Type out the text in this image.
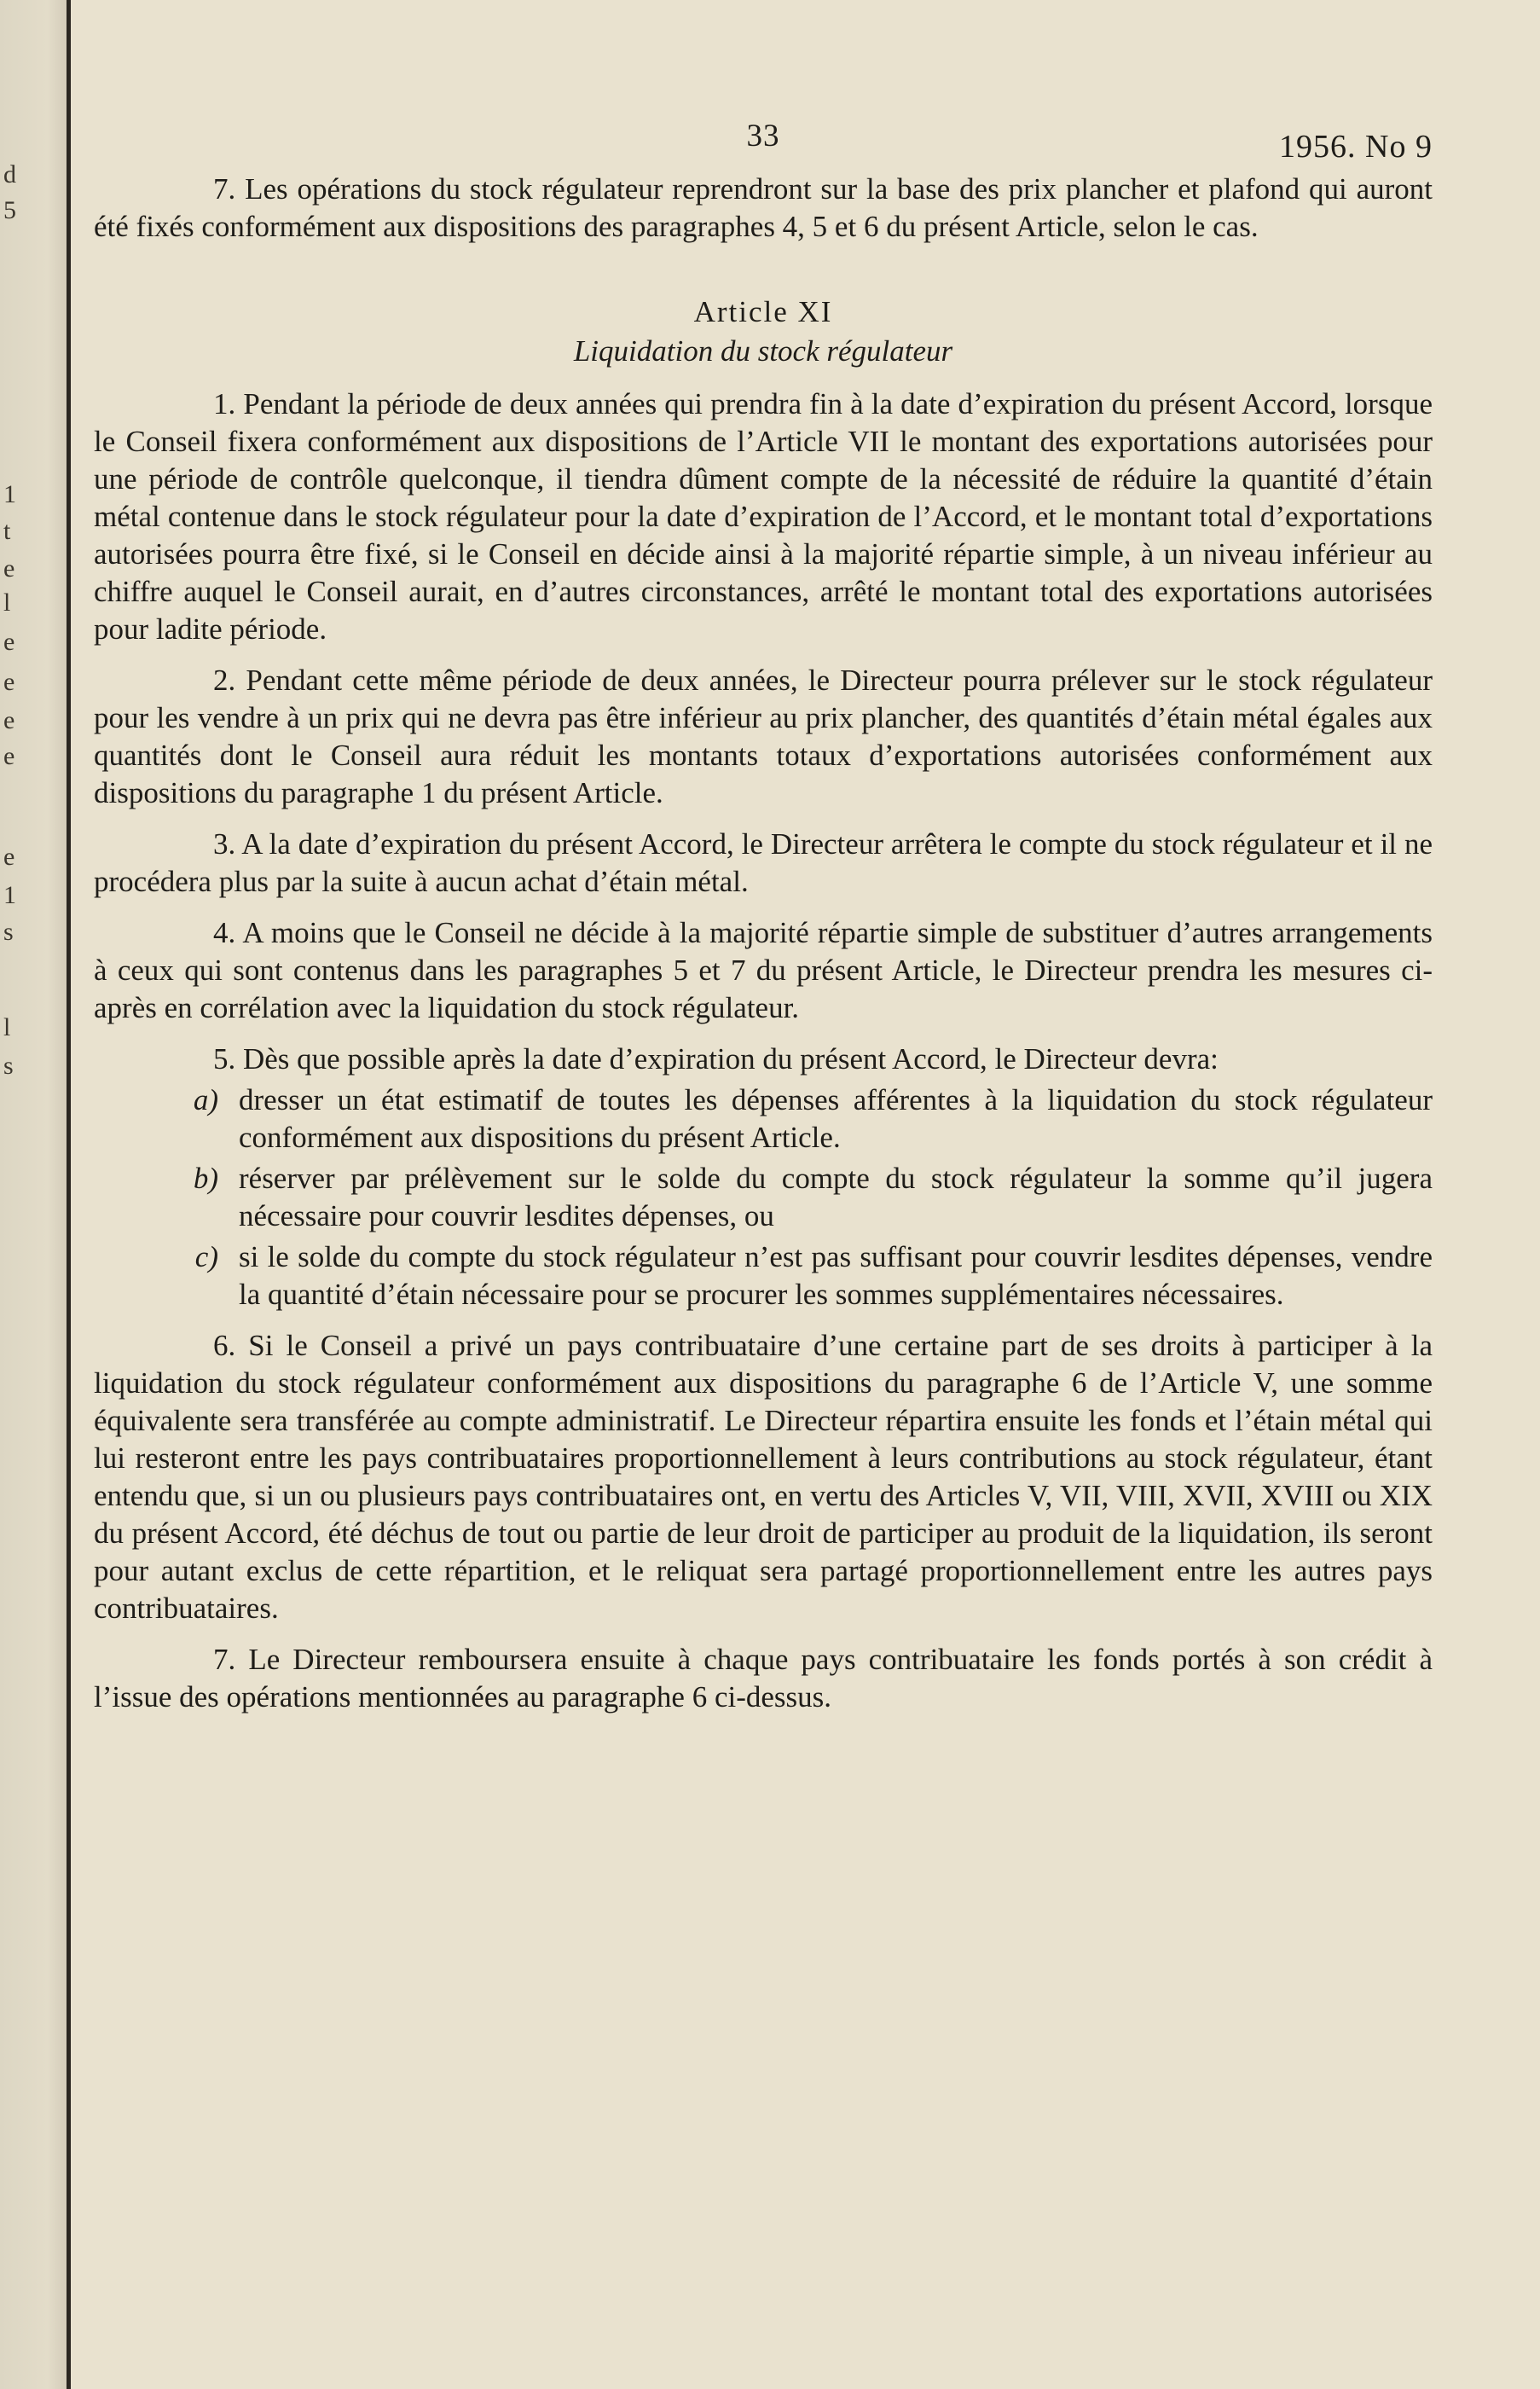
d
5
1
t
e
l
e
e
e
e
e
1
s
l
s
33	1956. No 9

7. Les opérations du stock régulateur reprendront sur la base des prix plancher et plafond qui auront été fixés conformément aux dispositions des paragraphes 4, 5 et 6 du présent Article, selon le cas.

Article XI
Liquidation du stock régulateur

1. Pendant la période de deux années qui prendra fin à la date d’expiration du présent Accord, lorsque le Conseil fixera conformément aux dispositions de l’Article VII le montant des exportations autorisées pour une période de contrôle quelconque, il tiendra dûment compte de la nécessité de réduire la quantité d’étain métal contenue dans le stock régulateur pour la date d’expiration de l’Accord, et le montant total d’exportations autorisées pourra être fixé, si le Conseil en décide ainsi à la majorité répartie simple, à un niveau inférieur au chiffre auquel le Conseil aurait, en d’autres circonstances, arrêté le montant total des exportations autorisées pour ladite période.

2. Pendant cette même période de deux années, le Directeur pourra prélever sur le stock régulateur pour les vendre à un prix qui ne devra pas être inférieur au prix plancher, des quantités d’étain métal égales aux quantités dont le Conseil aura réduit les montants totaux d’exportations autorisées conformément aux dispositions du paragraphe 1 du présent Article.

3. A la date d’expiration du présent Accord, le Directeur arrêtera le compte du stock régulateur et il ne procédera plus par la suite à aucun achat d’étain métal.

4. A moins que le Conseil ne décide à la majorité répartie simple de substituer d’autres arrangements à ceux qui sont contenus dans les paragraphes 5 et 7 du présent Article, le Directeur prendra les mesures ci-après en corrélation avec la liquidation du stock régulateur.

5. Dès que possible après la date d’expiration du présent Accord, le Directeur devra:

a) dresser un état estimatif de toutes les dépenses afférentes à la liquidation du stock régulateur conformément aux dispositions du présent Article.
b) réserver par prélèvement sur le solde du compte du stock régulateur la somme qu’il jugera nécessaire pour couvrir lesdites dépenses, ou
c) si le solde du compte du stock régulateur n’est pas suffisant pour couvrir lesdites dépenses, vendre la quantité d’étain nécessaire pour se procurer les sommes supplémentaires nécessaires.

6. Si le Conseil a privé un pays contribuataire d’une certaine part de ses droits à participer à la liquidation du stock régulateur conformément aux dispositions du paragraphe 6 de l’Article V, une somme équivalente sera transférée au compte administratif. Le Directeur répartira ensuite les fonds et l’étain métal qui lui resteront entre les pays contribuataires proportionnellement à leurs contributions au stock régulateur, étant entendu que, si un ou plusieurs pays contribuataires ont, en vertu des Articles V, VII, VIII, XVII, XVIII ou XIX du présent Accord, été déchus de tout ou partie de leur droit de participer au produit de la liquidation, ils seront pour autant exclus de cette répartition, et le reliquat sera partagé proportionnellement entre les autres pays contribuataires.

7. Le Directeur remboursera ensuite à chaque pays contribuataire les fonds portés à son crédit à l’issue des opérations mentionnées au paragraphe 6 ci-dessus.
